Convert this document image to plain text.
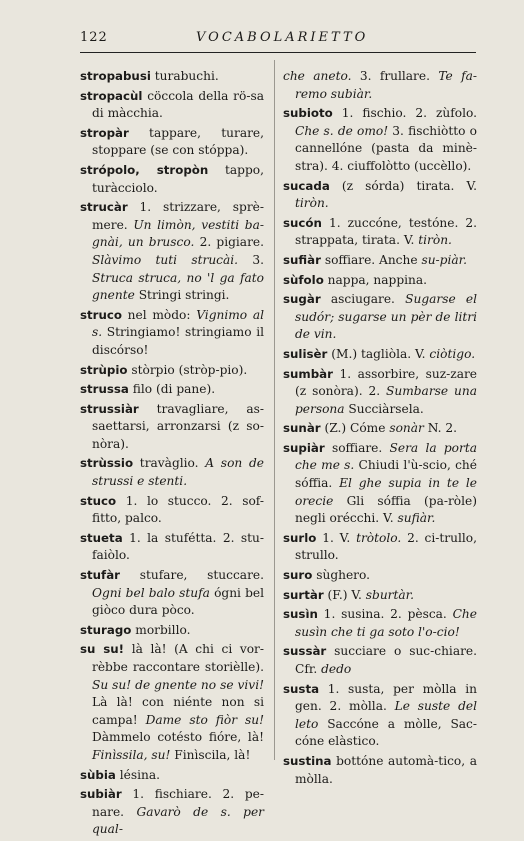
122	VOCABOLARIETTO
stropabusi turabuchi.
stropacùl cöccola della rö-sa di màcchia.
stropàr tappare, turare, stoppare (se con stóppa).
strópolo, stropòn tappo, turàcciolo.
strucàr 1. strizzare, sprè-mere. Un limòn, vestiti ba-gnài, un brusco. 2. pigiare. Slàvimo tuti strucài. 3. Struca struca, no 'l ga fato gnente Stringi stringi.
struco nel mòdo: Vignimo al s. Stringiamo! stringiamo il discórso!
strùpio stòrpio (stròp-pio).
strussa filo (di pane).
strussiàr travagliare, as-saettarsi, arronzarsi (z so-nòra).
strùssio travàglio. A son de strussi e stenti.
stuco 1. lo stucco. 2. sof-fitto, palco.
stueta 1. la stufétta. 2. stu-faiòlo.
stufàr stufare, stuccare. Ogni bel balo stufa ógni bel giòco dura pòco.
sturago morbillo.
su su! là là! (A chi ci vor-rèbbe raccontare storièlle). Su su! de gnente no se vivi! Là là! con niénte non si campa! Dame sto fiòr su! Dàmmelo cotésto fióre, là! Finìssila, su! Finìscila, là!
sùbia lésina.
subiàr 1. fischiare. 2. pe-nare. Gavarò de s. per qual-
che aneto. 3. frullare. Te fa-remo subiàr.
subioto 1. fischio. 2. zùfolo. Che s. de omo! 3. fischiòtto o cannellóne (pasta da minè-stra). 4. ciuffolòtto (uccèllo).
sucada (z sórda) tirata. V. tiròn.
sucón 1. zuccóne, testóne. 2. strappata, tirata. V. tiròn.
sufiàr soffiare. Anche su-piàr.
sùfolo nappa, nappina.
sugàr asciugare. Sugarse el sudór; sugarse un pèr de litri de vin.
sulisèr (M.) tagliòla. V. ciòtigo.
sumbàr 1. assorbire, suz-zare (z sonòra). 2. Sumbarse una persona Succiàrsela.
sunàr (Z.) Cóme sonàr N. 2.
supiàr soffiare. Sera la porta che me s. Chiudi l'ù-scio, ché sóffia. El ghe supia in te le orecie Gli sóffia (pa-ròle) negli orécchi. V. sufiàr.
surlo 1. V. tròtolo. 2. ci-trullo, strullo.
suro sùghero.
surtàr (F.) V. sburtàr.
susìn 1. susina. 2. pèsca. Che susìn che ti ga soto l'o-cio!
sussàr succiare o suc-chiare. Cfr. dedo
susta 1. susta, per mòlla in gen. 2. mòlla. Le suste del leto Saccóne a mòlle, Sac-cóne elàstico.
sustina bottóne automà-tico, a mòlla.
